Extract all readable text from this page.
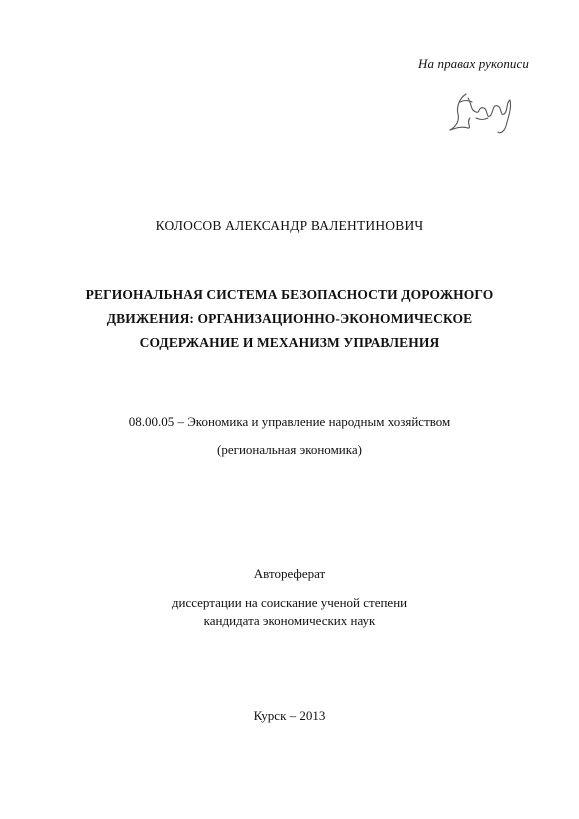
На правах рукописи
КОЛОСОВ АЛЕКСАНДР ВАЛЕНТИНОВИЧ
РЕГИОНАЛЬНАЯ СИСТЕМА БЕЗОПАСНОСТИ ДОРОЖНОГО
ДВИЖЕНИЯ: ОРГАНИЗАЦИОННО-ЭКОНОМИЧЕСКОЕ
СОДЕРЖАНИЕ И МЕХАНИЗМ УПРАВЛЕНИЯ
08.00.05 – Экономика и управление народным хозяйством
(региональная экономика)
Автореферат
диссертации на соискание ученой степени
кандидата экономических наук
Курск – 2013
